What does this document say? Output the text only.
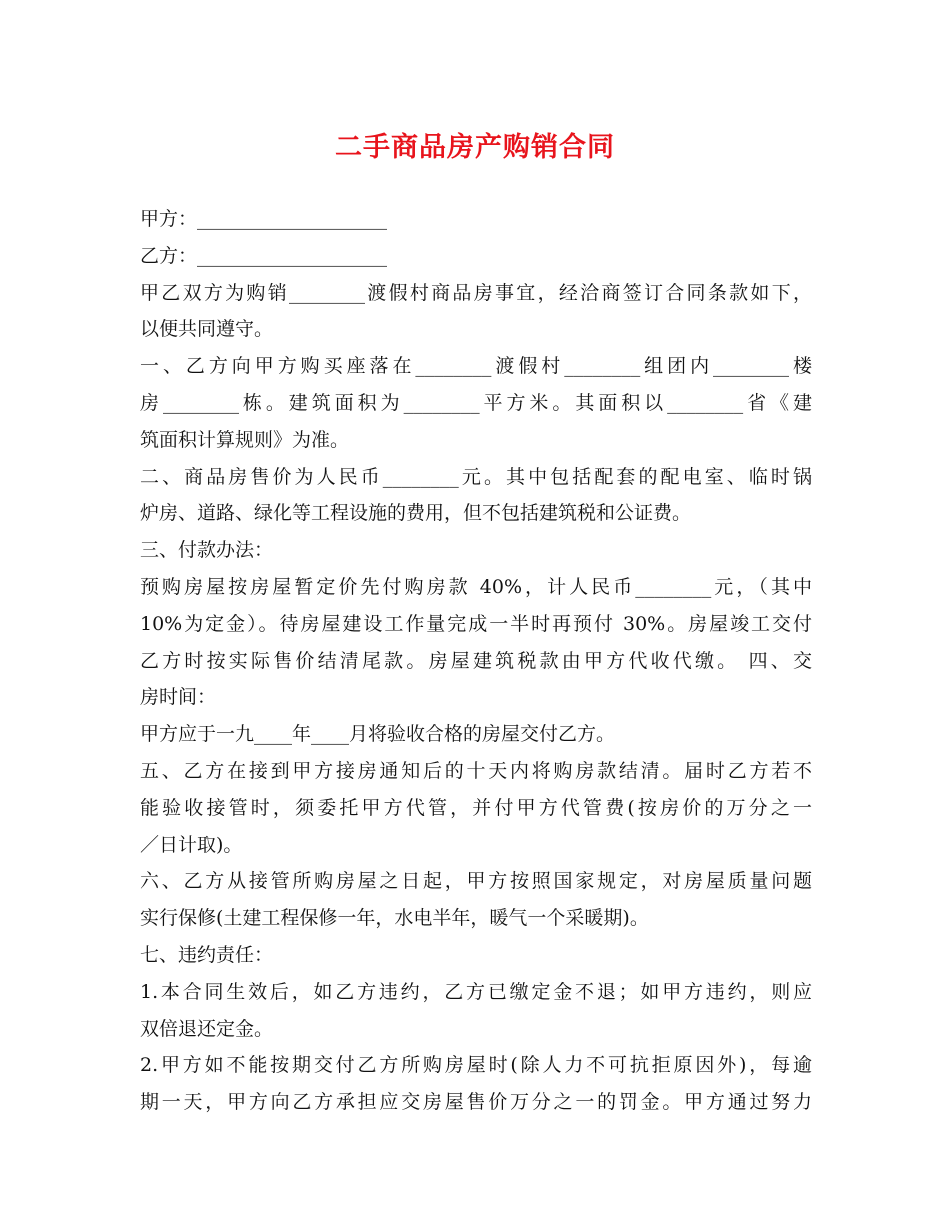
二手商品房产购销合同
甲方：____________________
乙方：____________________
甲乙双方为购销________渡假村商品房事宜，经洽商签订合同条款如下，
以便共同遵守。
一、乙方向甲方购买座落在________渡假村________组团内________楼
房________栋。建筑面积为________平方米。其面积以________省《建
筑面积计算规则》为准。
二、商品房售价为人民币________元。其中包括配套的配电室、临时锅
炉房、道路、绿化等工程设施的费用，但不包括建筑税和公证费。
三、付款办法：
预购房屋按房屋暂定价先付购房款 40%，计人民币________元，（其中
10%为定金）。待房屋建设工作量完成一半时再预付 30%。房屋竣工交付
乙方时按实际售价结清尾款。房屋建筑税款由甲方代收代缴。 四、交
房时间：
甲方应于一九____年____月将验收合格的房屋交付乙方。
五、乙方在接到甲方接房通知后的十天内将购房款结清。届时乙方若不
能验收接管时，须委托甲方代管，并付甲方代管费(按房价的万分之一
／日计取)。
六、乙方从接管所购房屋之日起，甲方按照国家规定，对房屋质量问题
实行保修(土建工程保修一年，水电半年，暖气一个采暖期)。
七、违约责任：
1.本合同生效后，如乙方违约，乙方已缴定金不退；如甲方违约，则应
双倍退还定金。
2.甲方如不能按期交付乙方所购房屋时(除人力不可抗拒原因外)，每逾
期一天，甲方向乙方承担应交房屋售价万分之一的罚金。甲方通过努力
